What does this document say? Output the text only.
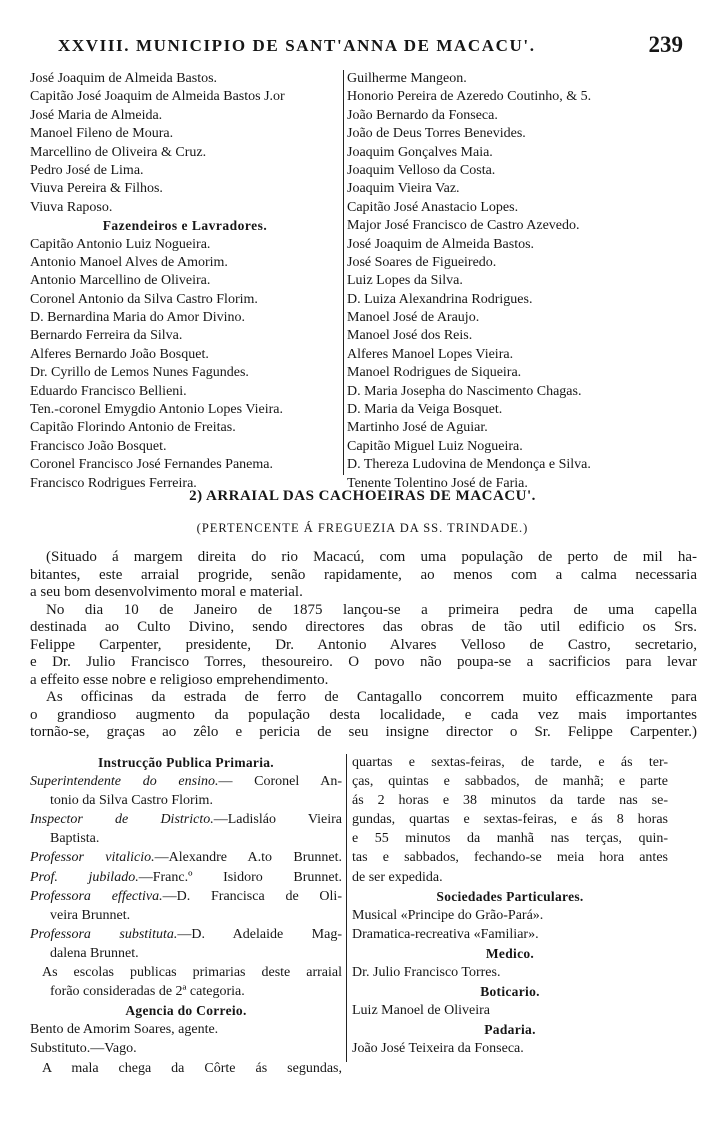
XXVIII. MUNICIPIO DE SANT'ANNA DE MACACU'.	239
José Joaquim de Almeida Bastos.
Capitão José Joaquim de Almeida Bastos J.or
José Maria de Almeida.
Manoel Fileno de Moura.
Marcellino de Oliveira & Cruz.
Pedro José de Lima.
Viuva Pereira & Filhos.
Viuva Raposo.
Fazendeiros e Lavradores.
Capitão Antonio Luiz Nogueira.
Antonio Manoel Alves de Amorim.
Antonio Marcellino de Oliveira.
Coronel Antonio da Silva Castro Florim.
D. Bernardina Maria do Amor Divino.
Bernardo Ferreira da Silva.
Alferes Bernardo João Bosquet.
Dr. Cyrillo de Lemos Nunes Fagundes.
Eduardo Francisco Bellieni.
Ten.-coronel Emygdio Antonio Lopes Vieira.
Capitão Florindo Antonio de Freitas.
Francisco João Bosquet.
Coronel Francisco José Fernandes Panema.
Francisco Rodrigues Ferreira.
Guilherme Mangeon.
Honorio Pereira de Azeredo Coutinho, & 5.
João Bernardo da Fonseca.
João de Deus Torres Benevides.
Joaquim Gonçalves Maia.
Joaquim Velloso da Costa.
Joaquim Vieira Vaz.
Capitão José Anastacio Lopes.
Major José Francisco de Castro Azevedo.
José Joaquim de Almeida Bastos.
José Soares de Figueiredo.
Luiz Lopes da Silva.
D. Luiza Alexandrina Rodrigues.
Manoel José de Araujo.
Manoel José dos Reis.
Alferes Manoel Lopes Vieira.
Manoel Rodrigues de Siqueira.
D. Maria Josepha do Nascimento Chagas.
D. Maria da Veiga Bosquet.
Martinho José de Aguiar.
Capitão Miguel Luiz Nogueira.
D. Thereza Ludovina de Mendonça e Silva.
Tenente Tolentino José de Faria.
2) ARRAIAL DAS CACHOEIRAS DE MACACU'.
(PERTENCENTE Á FREGUEZIA DA SS. TRINDADE.)
(Situado á margem direita do rio Macacú, com uma população de perto de mil ha-
bitantes, este arraial progride, senão rapidamente, ao menos com a calma necessaria
a seu bom desenvolvimento moral e material.
No dia 10 de Janeiro de 1875 lançou-se a primeira pedra de uma capella
destinada ao Culto Divino, sendo directores das obras de tão util edificio os Srs.
Felippe Carpenter, presidente, Dr. Antonio Alvares Velloso de Castro, secretario,
e Dr. Julio Francisco Torres, thesoureiro. O povo não poupa-se a sacrificios para levar
a effeito esse nobre e religioso emprehendimento.
As officinas da estrada de ferro de Cantagallo concorrem muito efficazmente para
o grandioso augmento da população desta localidade, e cada vez mais importantes
tornão-se, graças ao zêlo e pericia de seu insigne director o Sr. Felippe Carpenter.)
Instrucção Publica Primaria.
Superintendente do ensino.— Coronel An-
tonio da Silva Castro Florim.
Inspector de Districto.—Ladisláo Vieira
Baptista.
Professor vitalicio.—Alexandre A.to Brunnet.
Prof. jubilado.—Franc.º Isidoro Brunnet.
Professora effectiva.—D. Francisca de Oli-
veira Brunnet.
Professora substituta.—D. Adelaide Mag-
dalena Brunnet.
As escolas publicas primarias deste arraial
forão consideradas de 2ª categoria.
Agencia do Correio.
Bento de Amorim Soares, agente.
Substituto.—Vago.
A mala chega da Côrte ás segundas,
quartas e sextas-feiras, de tarde, e ás ter-
ças, quintas e sabbados, de manhã; e parte
ás 2 horas e 38 minutos da tarde nas se-
gundas, quartas e sextas-feiras, e ás 8 horas
e 55 minutos da manhã nas terças, quin-
tas e sabbados, fechando-se meia hora antes
de ser expedida.
Sociedades Particulares.
Musical «Principe do Grão-Pará».
Dramatica-recreativa «Familiar».
Medico.
Dr. Julio Francisco Torres.
Boticario.
Luiz Manoel de Oliveira
Padaria.
João José Teixeira da Fonseca.
